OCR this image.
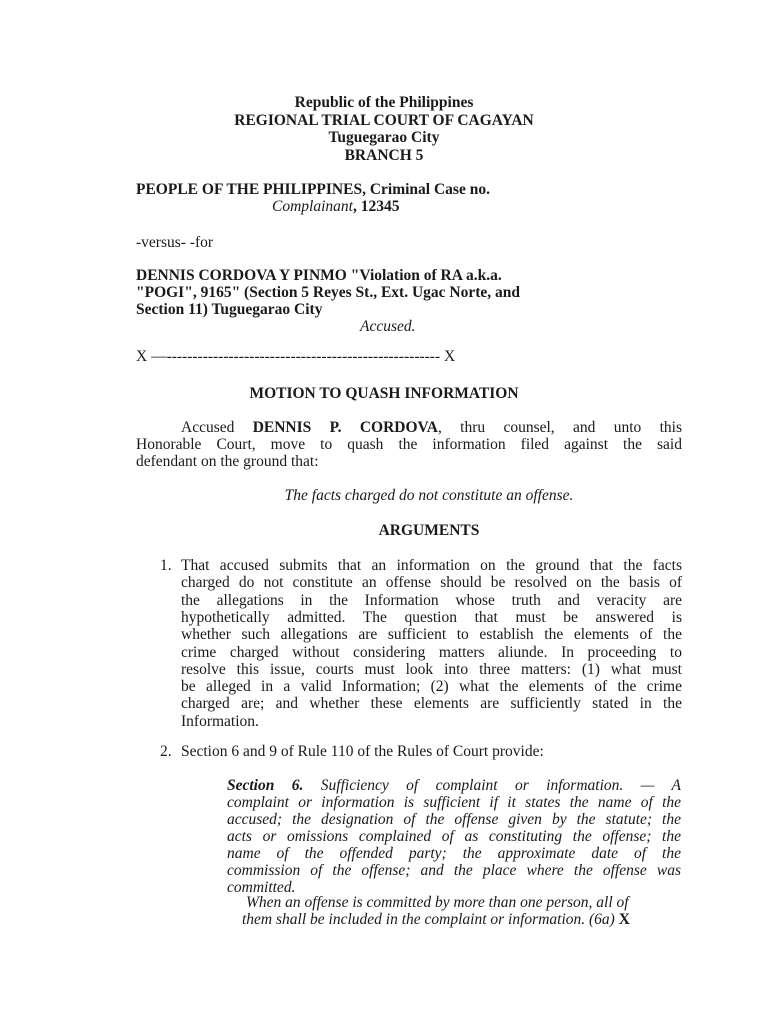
Republic of the Philippines
REGIONAL TRIAL COURT OF CAGAYAN
Tuguegarao City
BRANCH 5
PEOPLE OF THE PHILIPPINES, Criminal Case no.
Complainant, 12345
-versus- -for
DENNIS CORDOVA Y PINMO "Violation of RA a.k.a.
"POGI", 9165" (Section 5 Reyes St., Ext. Ugac Norte, and
Section 11) Tuguegarao City
Accused.
X —----------------------------------------------------- X
MOTION TO QUASH INFORMATION
Accused DENNIS P. CORDOVA, thru counsel, and unto this
Honorable Court, move to quash the information filed against the said
defendant on the ground that:
The facts charged do not constitute an offense.
ARGUMENTS
1. That accused submits that an information on the ground that the facts
charged do not constitute an offense should be resolved on the basis of
the allegations in the Information whose truth and veracity are
hypothetically admitted. The question that must be answered is
whether such allegations are sufficient to establish the elements of the
crime charged without considering matters aliunde. In proceeding to
resolve this issue, courts must look into three matters: (1) what must
be alleged in a valid Information; (2) what the elements of the crime
charged are; and whether these elements are sufficiently stated in the
Information.
2. Section 6 and 9 of Rule 110 of the Rules of Court provide:
Section 6. Sufficiency of complaint or information. — A
complaint or information is sufficient if it states the name of the
accused; the designation of the offense given by the statute; the
acts or omissions complained of as constituting the offense; the
name of the offended party; the approximate date of the
commission of the offense; and the place where the offense was
committed.
When an offense is committed by more than one person, all of
them shall be included in the complaint or information. (6a) X
